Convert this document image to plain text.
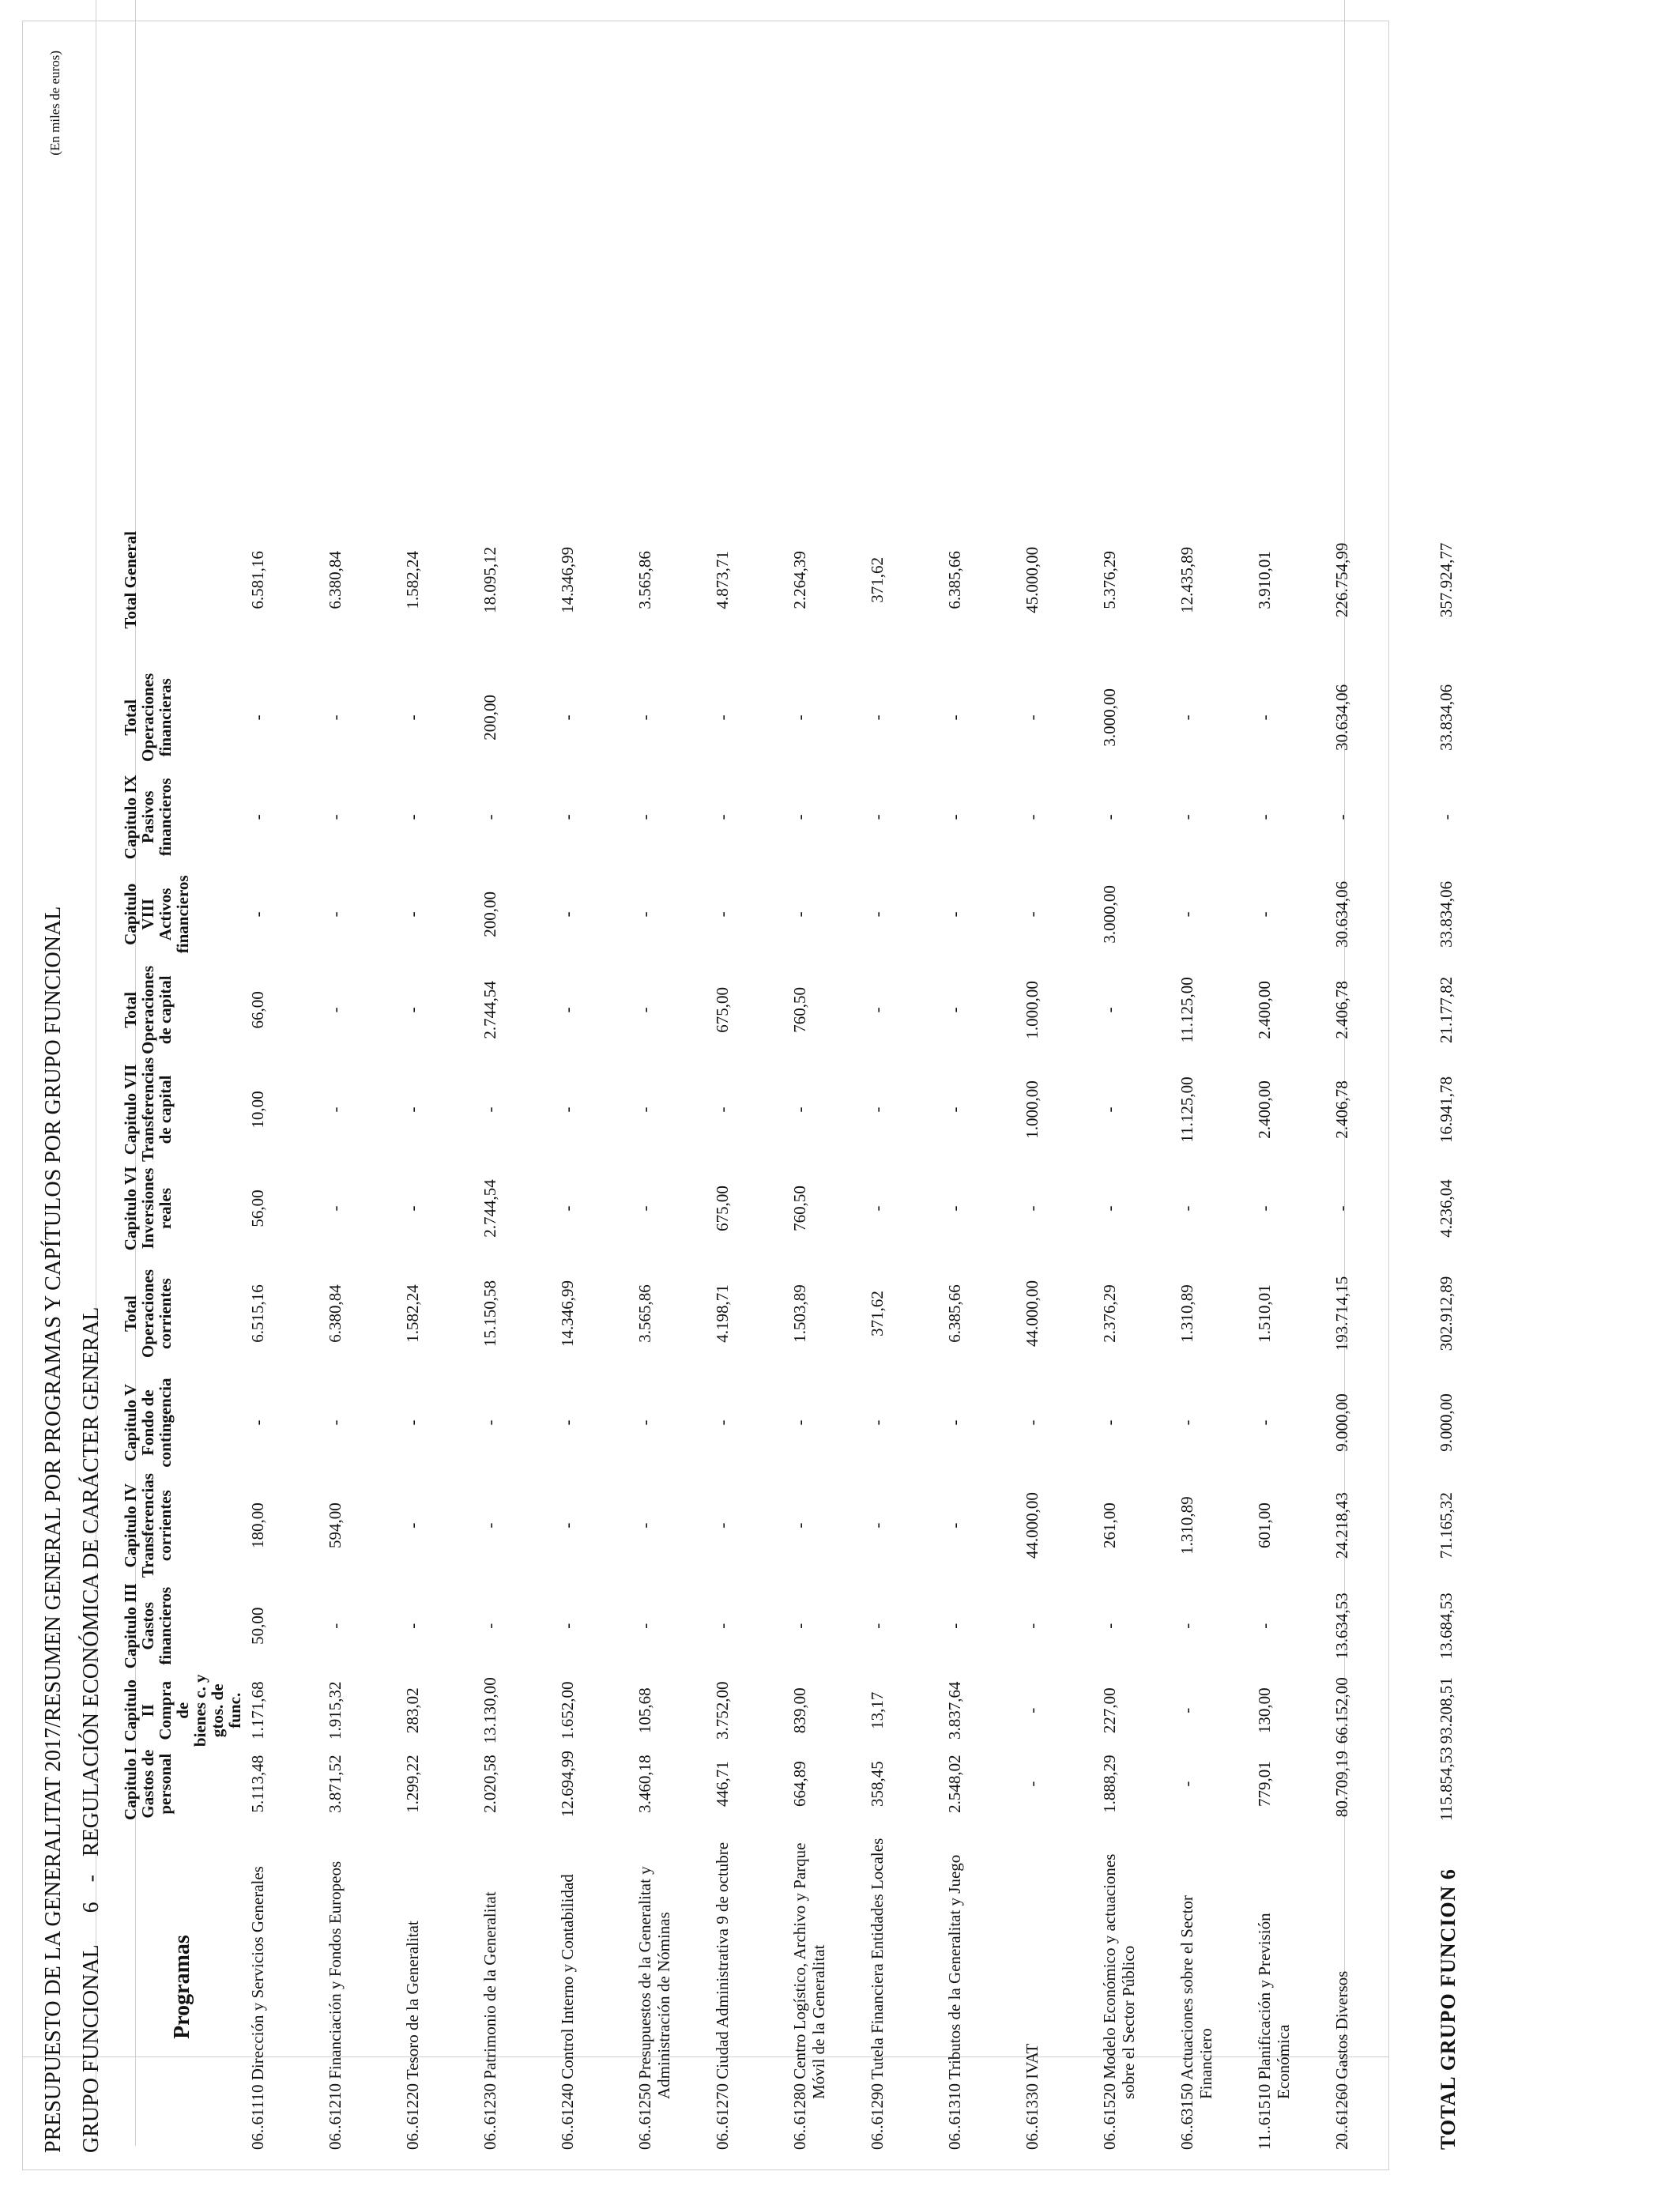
PRESUPUESTO DE LA GENERALITAT 2017/RESUMEN GENERAL POR PROGRAMAS Y CAPÍTULOS POR GRUPO FUNCIONAL
(En miles de euros)
GRUPO FUNCIONAL 6 - REGULACIÓN ECONÓMICA DE CARÁCTER GENERAL
Programas	Capitulo I
Gastos de
personal	Capitulo II
Compra de
bienes c. y
gtos. de func.	Capitulo III
Gastos
financieros	Capitulo IV
Transferencias
corrientes	Capitulo V
Fondo de
contingencia	Total
Operaciones
corrientes	Capitulo VI
Inversiones
reales	Capitulo VII
Transferencias
de capital	Total
Operaciones
de capital	Capitulo VIII
Activos
financieros	Capitulo IX
Pasivos
financieros	Total
Operaciones
financieras	Total General	

06..61110 Dirección y Servicios Generales	5.113,48	1.171,68	50,00	180,00	-	6.515,16	56,00	10,00	66,00	-	-	-	6.581,16	
06..61210 Financiación y Fondos Europeos	3.871,52	1.915,32	-	594,00	-	6.380,84	-	-	-	-	-	-	6.380,84	
06..61220 Tesoro de la Generalitat	1.299,22	283,02	-	-	-	1.582,24	-	-	-	-	-	-	1.582,24	
06..61230 Patrimonio de la Generalitat	2.020,58	13.130,00	-	-	-	15.150,58	2.744,54	-	2.744,54	200,00	-	200,00	18.095,12	
06..61240 Control Interno y Contabilidad	12.694,99	1.652,00	-	-	-	14.346,99	-	-	-	-	-	-	14.346,99	
06..61250 Presupuestos de la Generalitat y Administración de Nóminas	3.460,18	105,68	-	-	-	3.565,86	-	-	-	-	-	-	3.565,86	
06..61270 Ciudad Administrativa 9 de octubre	446,71	3.752,00	-	-	-	4.198,71	675,00	-	675,00	-	-	-	4.873,71	
06..61280 Centro Logístico, Archivo y Parque Móvil de la Generalitat	664,89	839,00	-	-	-	1.503,89	760,50	-	760,50	-	-	-	2.264,39	
06..61290 Tutela Financiera Entidades Locales	358,45	13,17	-	-	-	371,62	-	-	-	-	-	-	371,62	
06..61310 Tributos de la Generalitat y Juego	2.548,02	3.837,64	-	-	-	6.385,66	-	-	-	-	-	-	6.385,66	
06..61330 IVAT	-	-	-	44.000,00	-	44.000,00	-	1.000,00	1.000,00	-	-	-	45.000,00	
06..61520 Modelo Económico y actuaciones sobre el Sector Público	1.888,29	227,00	-	261,00	-	2.376,29	-	-	-	3.000,00	-	3.000,00	5.376,29	
06..63150 Actuaciones sobre el Sector Financiero	-	-	-	1.310,89	-	1.310,89	-	11.125,00	11.125,00	-	-	-	12.435,89	
11..61510 Planificación y Previsión Económica	779,01	130,00	-	601,00	-	1.510,01	-	2.400,00	2.400,00	-	-	-	3.910,01	
20..61260 Gastos Diversos	80.709,19	66.152,00	13.634,53	24.218,43	9.000,00	193.714,15	-	2.406,78	2.406,78	30.634,06	-	30.634,06	226.754,99	
TOTAL GRUPO FUNCION 6	115.854,53	93.208,51	13.684,53	71.165,32	9.000,00	302.912,89	4.236,04	16.941,78	21.177,82	33.834,06	-	33.834,06	357.924,77	
